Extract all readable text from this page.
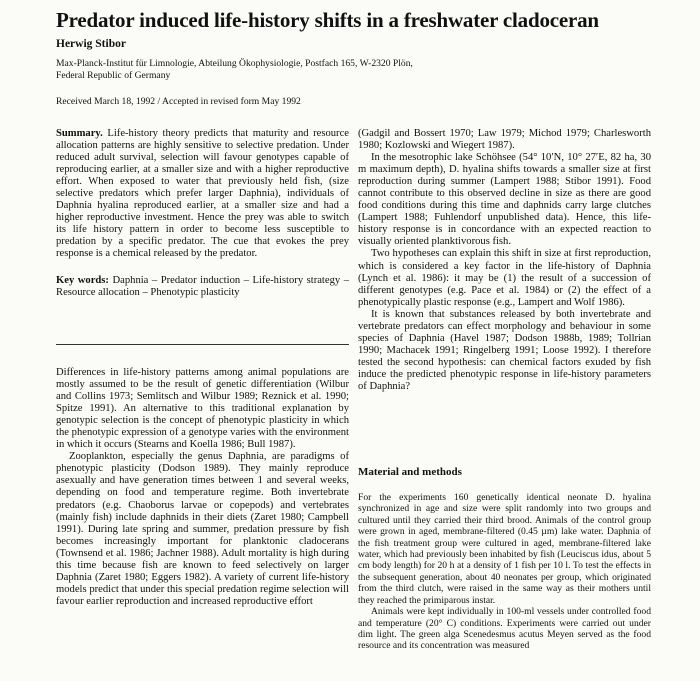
Predator induced life-history shifts in a freshwater cladoceran
Herwig Stibor
Max-Planck-Institut für Limnologie, Abteilung Ökophysiologie, Postfach 165, W-2320 Plön,
Federal Republic of Germany
Received March 18, 1992 / Accepted in revised form May 1992

Summary. Life-history theory predicts that maturity and resource allocation patterns are highly sensitive to selective predation. Under reduced adult survival, selection will favour genotypes capable of reproducing earlier, at a smaller size and with a higher reproductive effort. When exposed to water that previously held fish, (size selective predators which prefer larger Daphnia), individuals of Daphnia hyalina reproduced earlier, at a smaller size and had a higher reproductive investment. Hence the prey was able to switch its life history pattern in order to become less susceptible to predation by a specific predator. The cue that evokes the prey response is a chemical released by the predator.

Key words: Daphnia – Predator induction – Life-history strategy – Resource allocation – Phenotypic plasticity

Differences in life-history patterns among animal populations are mostly assumed to be the result of genetic differentiation (Wilbur and Collins 1973; Semlitsch and Wilbur 1989; Reznick et al. 1990; Spitze 1991). An alternative to this traditional explanation by genotypic selection is the concept of phenotypic plasticity in which the phenotypic expression of a genotype varies with the environment in which it occurs (Stearns and Koella 1986; Bull 1987).

Zooplankton, especially the genus Daphnia, are paradigms of phenotypic plasticity (Dodson 1989). They mainly reproduce asexually and have generation times between 1 and several weeks, depending on food and temperature regime. Both invertebrate predators (e.g. Chaoborus larvae or copepods) and vertebrates (mainly fish) include daphnids in their diets (Zaret 1980; Campbell 1991). During late spring and summer, predation pressure by fish becomes increasingly important for planktonic cladocerans (Townsend et al. 1986; Jachner 1988). Adult mortality is high during this time because fish are known to feed selectively on larger Daphnia (Zaret 1980; Eggers 1982). A variety of current life-history models predict that under this special predation regime selection will favour earlier reproduction and increased reproductive effort

(Gadgil and Bossert 1970; Law 1979; Michod 1979; Charlesworth 1980; Kozlowski and Wiegert 1987).

In the mesotrophic lake Schöhsee (54° 10′N, 10° 27′E, 82 ha, 30 m maximum depth), D. hyalina shifts towards a smaller size at first reproduction during summer (Lampert 1988; Stibor 1991). Food cannot contribute to this observed decline in size as there are good food conditions during this time and daphnids carry large clutches (Lampert 1988; Fuhlendorf unpublished data). Hence, this life-history response is in concordance with an expected reaction to visually oriented planktivorous fish.

Two hypotheses can explain this shift in size at first reproduction, which is considered a key factor in the life-history of Daphnia (Lynch et al. 1986): it may be (1) the result of a succession of different genotypes (e.g. Pace et al. 1984) or (2) the effect of a phenotypically plastic response (e.g., Lampert and Wolf 1986).

It is known that substances released by both invertebrate and vertebrate predators can effect morphology and behaviour in some species of Daphnia (Havel 1987; Dodson 1988b, 1989; Tollrian 1990; Machacek 1991; Ringelberg 1991; Loose 1992). I therefore tested the second hypothesis: can chemical factors exuded by fish induce the predicted phenotypic response in life-history parameters of Daphnia?

Material and methods

For the experiments 160 genetically identical neonate D. hyalina synchronized in age and size were split randomly into two groups and cultured until they carried their third brood. Animals of the control group were grown in aged, membrane-filtered (0.45 µm) lake water. Daphnia of the fish treatment group were cultured in aged, membrane-filtered lake water, which had previously been inhabited by fish (Leuciscus idus, about 5 cm body length) for 20 h at a density of 1 fish per 10 l. To test the effects in the subsequent generation, about 40 neonates per group, which originated from the third clutch, were raised in the same way as their mothers until they reached the primiparous instar.

Animals were kept individually in 100-ml vessels under controlled food and temperature (20° C) conditions. Experiments were carried out under dim light. The green alga Scenedesmus acutus Meyen served as the food resource and its concentration was measured
